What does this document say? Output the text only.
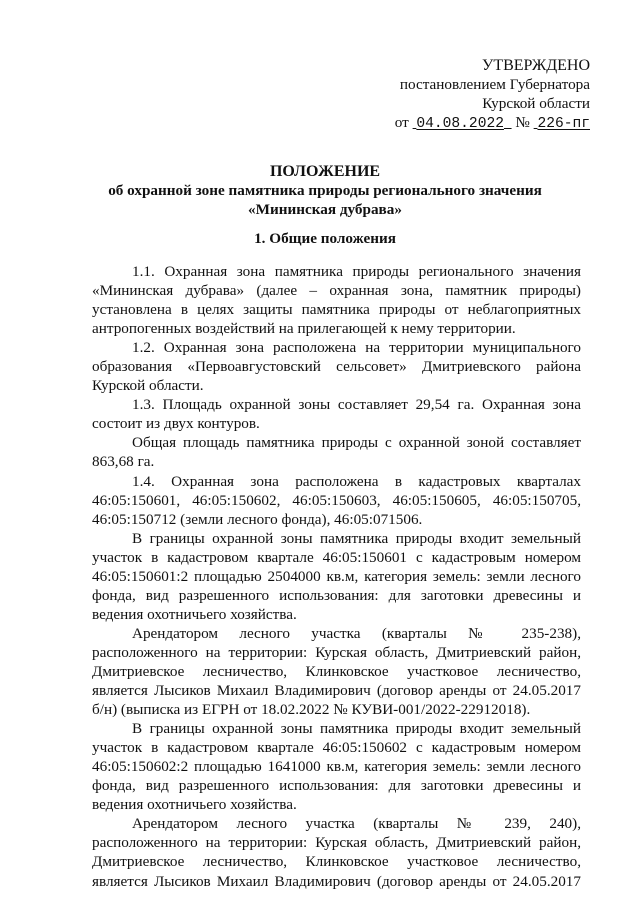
УТВЕРЖДЕНО
постановлением Губернатора
Курской области
от 04.08.2022 № 226-пг
ПОЛОЖЕНИЕ
об охранной зоне памятника природы регионального значения
«Мининская дубрава»
1. Общие положения

1.1. Охранная зона памятника природы регионального значения
«Мининская дубрава» (далее – охранная зона, памятник природы)
установлена в целях защиты памятника природы от неблагоприятных
антропогенных воздействий на прилегающей к нему территории.

1.2. Охранная зона расположена на территории муниципального
образования «Первоавгустовский сельсовет» Дмитриевского района
Курской области.

1.3. Площадь охранной зоны составляет 29,54 га. Охранная зона
состоит из двух контуров.

Общая площадь памятника природы с охранной зоной составляет
863,68 га.

1.4. Охранная зона расположена в кадастровых кварталах
46:05:150601, 46:05:150602, 46:05:150603, 46:05:150605, 46:05:150705,
46:05:150712 (земли лесного фонда), 46:05:071506.

В границы охранной зоны памятника природы входит земельный
участок в кадастровом квартале 46:05:150601 с кадастровым номером
46:05:150601:2 площадью 2504000 кв.м, категория земель: земли лесного
фонда, вид разрешенного использования: для заготовки древесины и
ведения охотничьего хозяйства.

Арендатором лесного участка (кварталы № 235-238),
расположенного на территории: Курская область, Дмитриевский район,
Дмитриевское лесничество, Клинковское участковое лесничество,
является Лысиков Михаил Владимирович (договор аренды от 24.05.2017
б/н) (выписка из ЕГРН от 18.02.2022 № КУВИ-001/2022-22912018).

В границы охранной зоны памятника природы входит земельный
участок в кадастровом квартале 46:05:150602 с кадастровым номером
46:05:150602:2 площадью 1641000 кв.м, категория земель: земли лесного
фонда, вид разрешенного использования: для заготовки древесины и
ведения охотничьего хозяйства.

Арендатором лесного участка (кварталы № 239, 240),
расположенного на территории: Курская область, Дмитриевский район,
Дмитриевское лесничество, Клинковское участковое лесничество,
является Лысиков Михаил Владимирович (договор аренды от 24.05.2017
